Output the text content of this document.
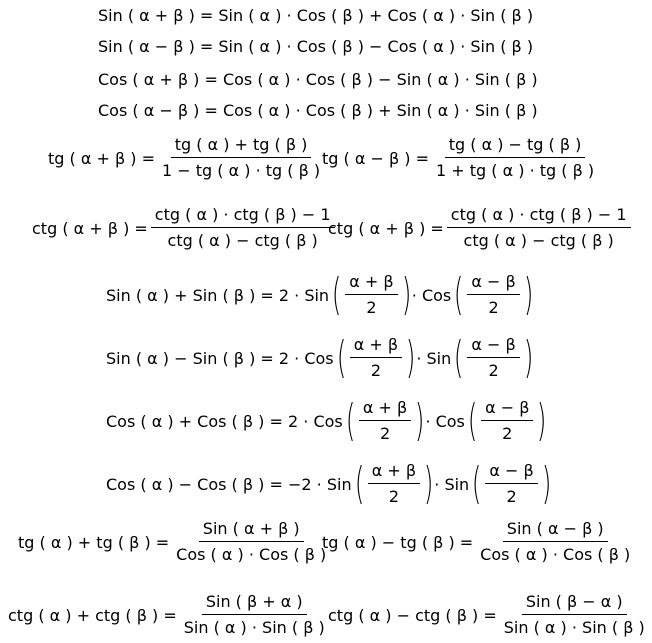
Sin ( α + β ) = Sin ( α ) · Cos ( β ) + Cos ( α ) · Sin ( β )
Sin ( α − β ) = Sin ( α ) · Cos ( β ) − Cos ( α ) · Sin ( β )
Cos ( α + β ) = Cos ( α ) · Cos ( β ) − Sin ( α ) · Sin ( β )
Cos ( α − β ) = Cos ( α ) · Cos ( β ) + Sin ( α ) · Sin ( β )
tg ( α + β ) = $\frac{tg ( \alpha ) + tg ( \beta )}{1 - tg ( \alpha ) \cdot tg ( \beta )}$
tg ( α − β ) = $\frac{tg ( \alpha ) - tg ( \beta )}{1 + tg ( \alpha ) \cdot tg ( \beta )}$
ctg ( α + β ) = $\frac{\text{ctg ( α ) · ctg ( β ) − 1}}{\text{ctg ( α ) − ctg ( β )}}$
ctg ( α + β ) = $\frac{\text{ctg ( α ) · ctg ( β ) − 1}}{\text{ctg ( α ) − ctg ( β )}}$
Sin ( α ) + Sin ( β ) =
2 · Sin ( $\frac{\alpha + \beta}{2}$ ) · Cos ( $\frac{\alpha - \beta}{2}$ )
Sin ( α ) − Sin ( β ) =
2 · Cos ( $\frac{\alpha + \beta}{2}$ ) · Sin ( $\frac{\alpha - \beta}{2}$ )
Cos ( α ) + Cos ( β ) =
2 · Cos ( $\frac{\alpha + \beta}{2}$ ) · Cos ( $\frac{\alpha - \beta}{2}$ )
Cos ( α ) − Cos ( β ) =
−2 · Sin ( $\frac{\alpha + \beta}{2}$ ) · Sin ( $\frac{\alpha - \beta}{2}$ )
tg ( α ) + tg ( β ) = $\frac{\text{Sin ( α + β )}}{\text{Cos ( α ) · Cos ( β )}}$
tg ( α ) − tg ( β ) = $\frac{\text{Sin ( α − β )}}{\text{Cos ( α ) · Cos ( β )}}$
ctg ( α ) + ctg ( β ) = $\frac{\text{Sin ( β + α )}}{\text{Sin ( α ) · Sin ( β )}}$ ctg ( α ) − ctg ( β ) = $\frac{\text{Sin ( β − α )}}{\text{Sin ( α ) · Sin ( β )}}$
